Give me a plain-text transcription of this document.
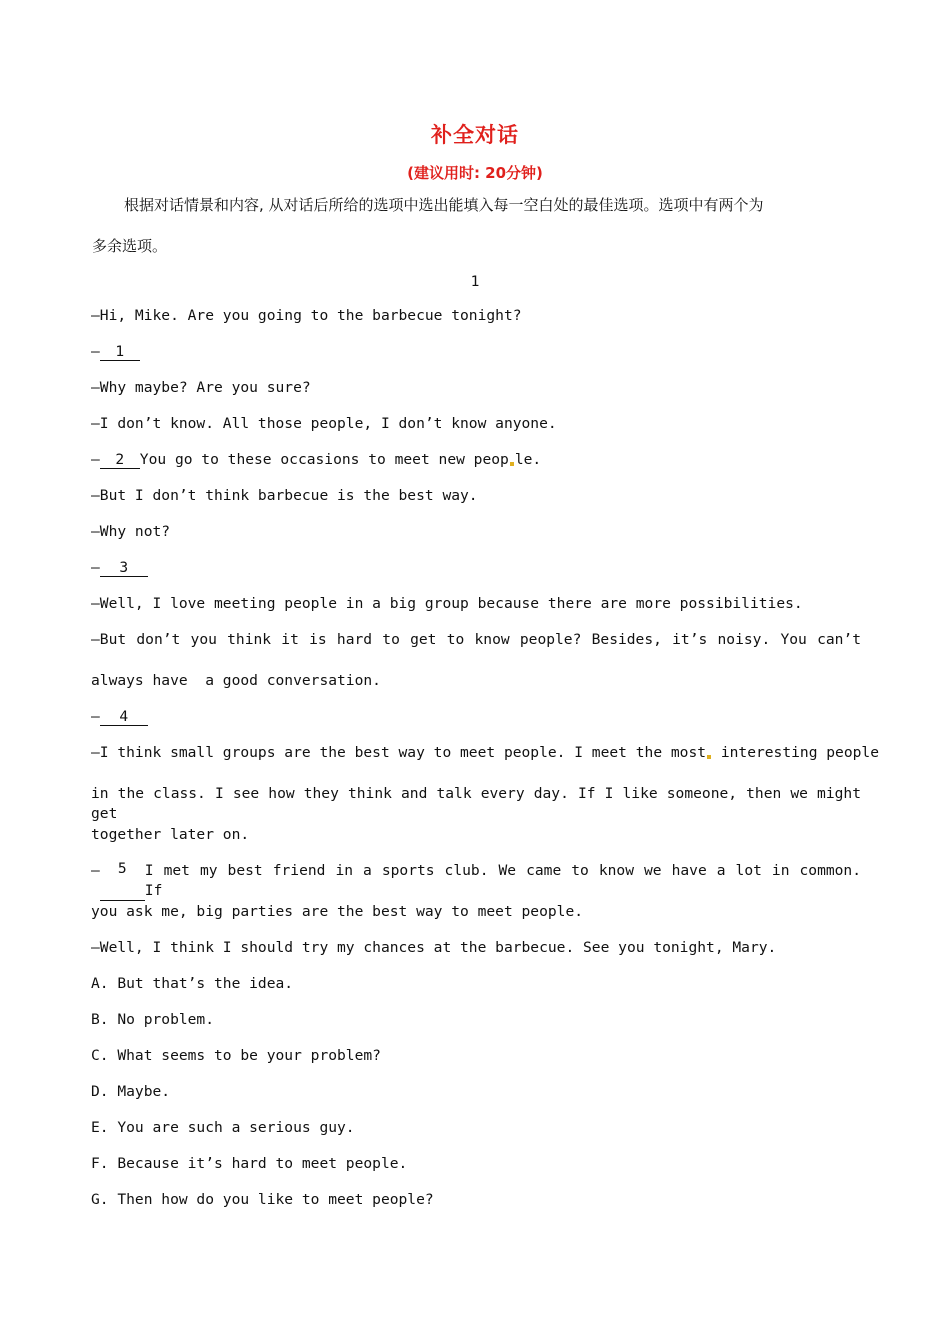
补全对话
(建议用时: 20分钟)
根据对话情景和内容, 从对话后所给的选项中选出能填入每一空白处的最佳选项。选项中有两个为
多余选项。
1
—Hi, Mike. Are you going to the barbecue tonight?
— 1
—Why maybe? Are you sure?
—I don’t know. All those people, I don’t know anyone.
— 2 You go to these occasions to meet new peop le.
—But I don’t think barbecue is the best way.
—Why not?
— 3
—Well, I love meeting people in a big group because there are more possibilities.
—But don’t you think it is hard to get to know people? Besides, it’s noisy. You can’t
always have  a good conversation.
— 4
—I think small groups are the best way to meet people. I meet the most interesting people
in the class. I see how they think and talk every day. If I like someone, then we might get
together later on.
—	5	I met my best friend in a sports club. We came to know we have a lot in common. If
you ask me, big parties are the best way to meet people.
—Well, I think I should try my chances at the barbecue. See you tonight, Mary.
A. But that’s the idea.
B. No problem.
C. What seems to be your problem?
D. Maybe.
E. You are such a serious guy.
F. Because it’s hard to meet people.
G. Then how do you like to meet people?
